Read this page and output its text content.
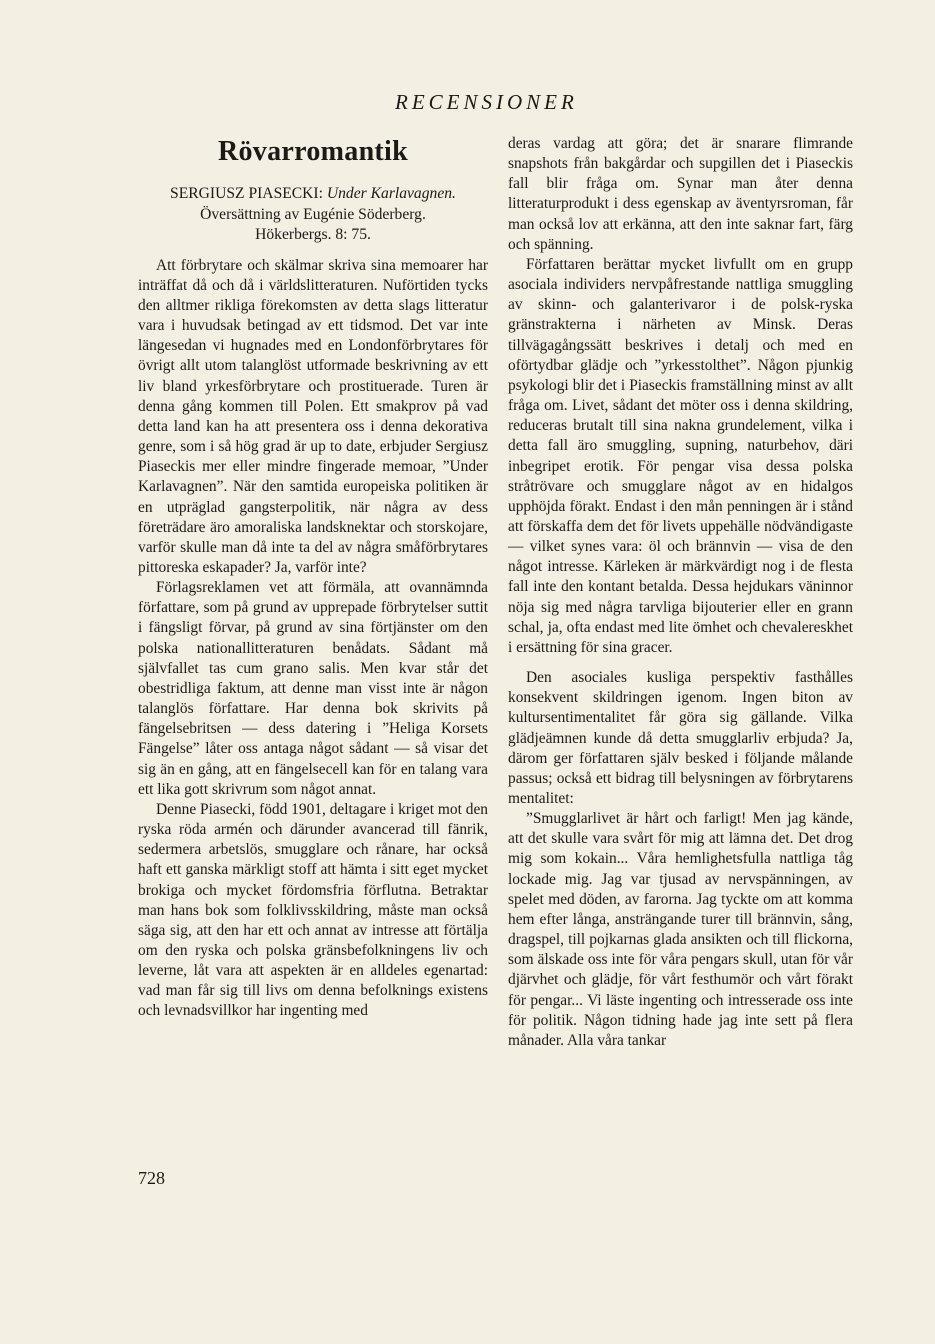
RECENSIONER
Rövarromantik
SERGIUSZ PIASECKI: Under Karlavagnen.
Översättning av Eugénie Söderberg.
Hökerbergs. 8: 75.

Att förbrytare och skälmar skriva sina memoarer har inträffat då och då i världslitteraturen. Nuförtiden tycks den alltmer rikliga förekomsten av detta slags litteratur vara i huvudsak betingad av ett tidsmod. Det var inte längesedan vi hugnades med en Londonförbrytares för övrigt allt utom talanglöst utformade beskrivning av ett liv bland yrkesförbrytare och prostituerade. Turen är denna gång kommen till Polen. Ett smakprov på vad detta land kan ha att presentera oss i denna dekorativa genre, som i så hög grad är up to date, erbjuder Sergiusz Piaseckis mer eller mindre fingerade memoar, ”Under Karlavagnen”. När den samtida europeiska politiken är en utpräglad gangsterpolitik, när några av dess företrädare äro amoraliska landsknektar och storskojare, varför skulle man då inte ta del av några småförbrytares pittoreska eskapader? Ja, varför inte?

Förlagsreklamen vet att förmäla, att ovannämnda författare, som på grund av upprepade förbrytelser suttit i fängsligt förvar, på grund av sina förtjänster om den polska nationallitteraturen benådats. Sådant må självfallet tas cum grano salis. Men kvar står det obestridliga faktum, att denne man visst inte är någon talanglös författare. Har denna bok skrivits på fängelsebritsen — dess datering i ”Heliga Korsets Fängelse” låter oss antaga något sådant — så visar det sig än en gång, att en fängelsecell kan för en talang vara ett lika gott skrivrum som något annat.

Denne Piasecki, född 1901, deltagare i kriget mot den ryska röda armén och därunder avancerad till fänrik, sedermera arbetslös, smugglare och rånare, har också haft ett ganska märkligt stoff att hämta i sitt eget mycket brokiga och mycket fördomsfria förflutna. Betraktar man hans bok som folklivsskildring, måste man också säga sig, att den har ett och annat av intresse att förtälja om den ryska och polska gränsbefolkningens liv och leverne, låt vara att aspekten är en alldeles egenartad: vad man får sig till livs om denna befolknings existens och levnadsvillkor har ingenting med

deras vardag att göra; det är snarare flimrande snapshots från bakgårdar och supgillen det i Piaseckis fall blir fråga om. Synar man åter denna litteraturprodukt i dess egenskap av äventyrsroman, får man också lov att erkänna, att den inte saknar fart, färg och spänning.

Författaren berättar mycket livfullt om en grupp asociala individers nervpåfrestande nattliga smuggling av skinn- och galanterivaror i de polsk-ryska gränstrakterna i närheten av Minsk. Deras tillvägagångssätt beskrives i detalj och med en oförtydbar glädje och ”yrkesstolthet”. Någon pjunkig psykologi blir det i Piaseckis framställning minst av allt fråga om. Livet, sådant det möter oss i denna skildring, reduceras brutalt till sina nakna grundelement, vilka i detta fall äro smuggling, supning, naturbehov, däri inbegripet erotik. För pengar visa dessa polska stråtrövare och smugglare något av en hidalgos upphöjda förakt. Endast i den mån penningen är i stånd att förskaffa dem det för livets uppehälle nödvändigaste — vilket synes vara: öl och brännvin — visa de den något intresse. Kärleken är märkvärdigt nog i de flesta fall inte den kontant betalda. Dessa hejdukars väninnor nöja sig med några tarvliga bijouterier eller en grann schal, ja, ofta endast med lite ömhet och chevalereskhet i ersättning för sina gracer.

Den asociales kusliga perspektiv fasthålles konsekvent skildringen igenom. Ingen biton av kultursentimentalitet får göra sig gällande. Vilka glädjeämnen kunde då detta smugglarliv erbjuda? Ja, därom ger författaren själv besked i följande målande passus; också ett bidrag till belysningen av förbrytarens mentalitet:

”Smugglarlivet är hårt och farligt! Men jag kände, att det skulle vara svårt för mig att lämna det. Det drog mig som kokain... Våra hemlighetsfulla nattliga tåg lockade mig. Jag var tjusad av nervspänningen, av spelet med döden, av farorna. Jag tyckte om att komma hem efter långa, ansträngande turer till brännvin, sång, dragspel, till pojkarnas glada ansikten och till flickorna, som älskade oss inte för våra pengars skull, utan för vår djärvhet och glädje, för vårt festhumör och vårt förakt för pengar... Vi läste ingenting och intresserade oss inte för politik. Någon tidning hade jag inte sett på flera månader. Alla våra tankar

728
